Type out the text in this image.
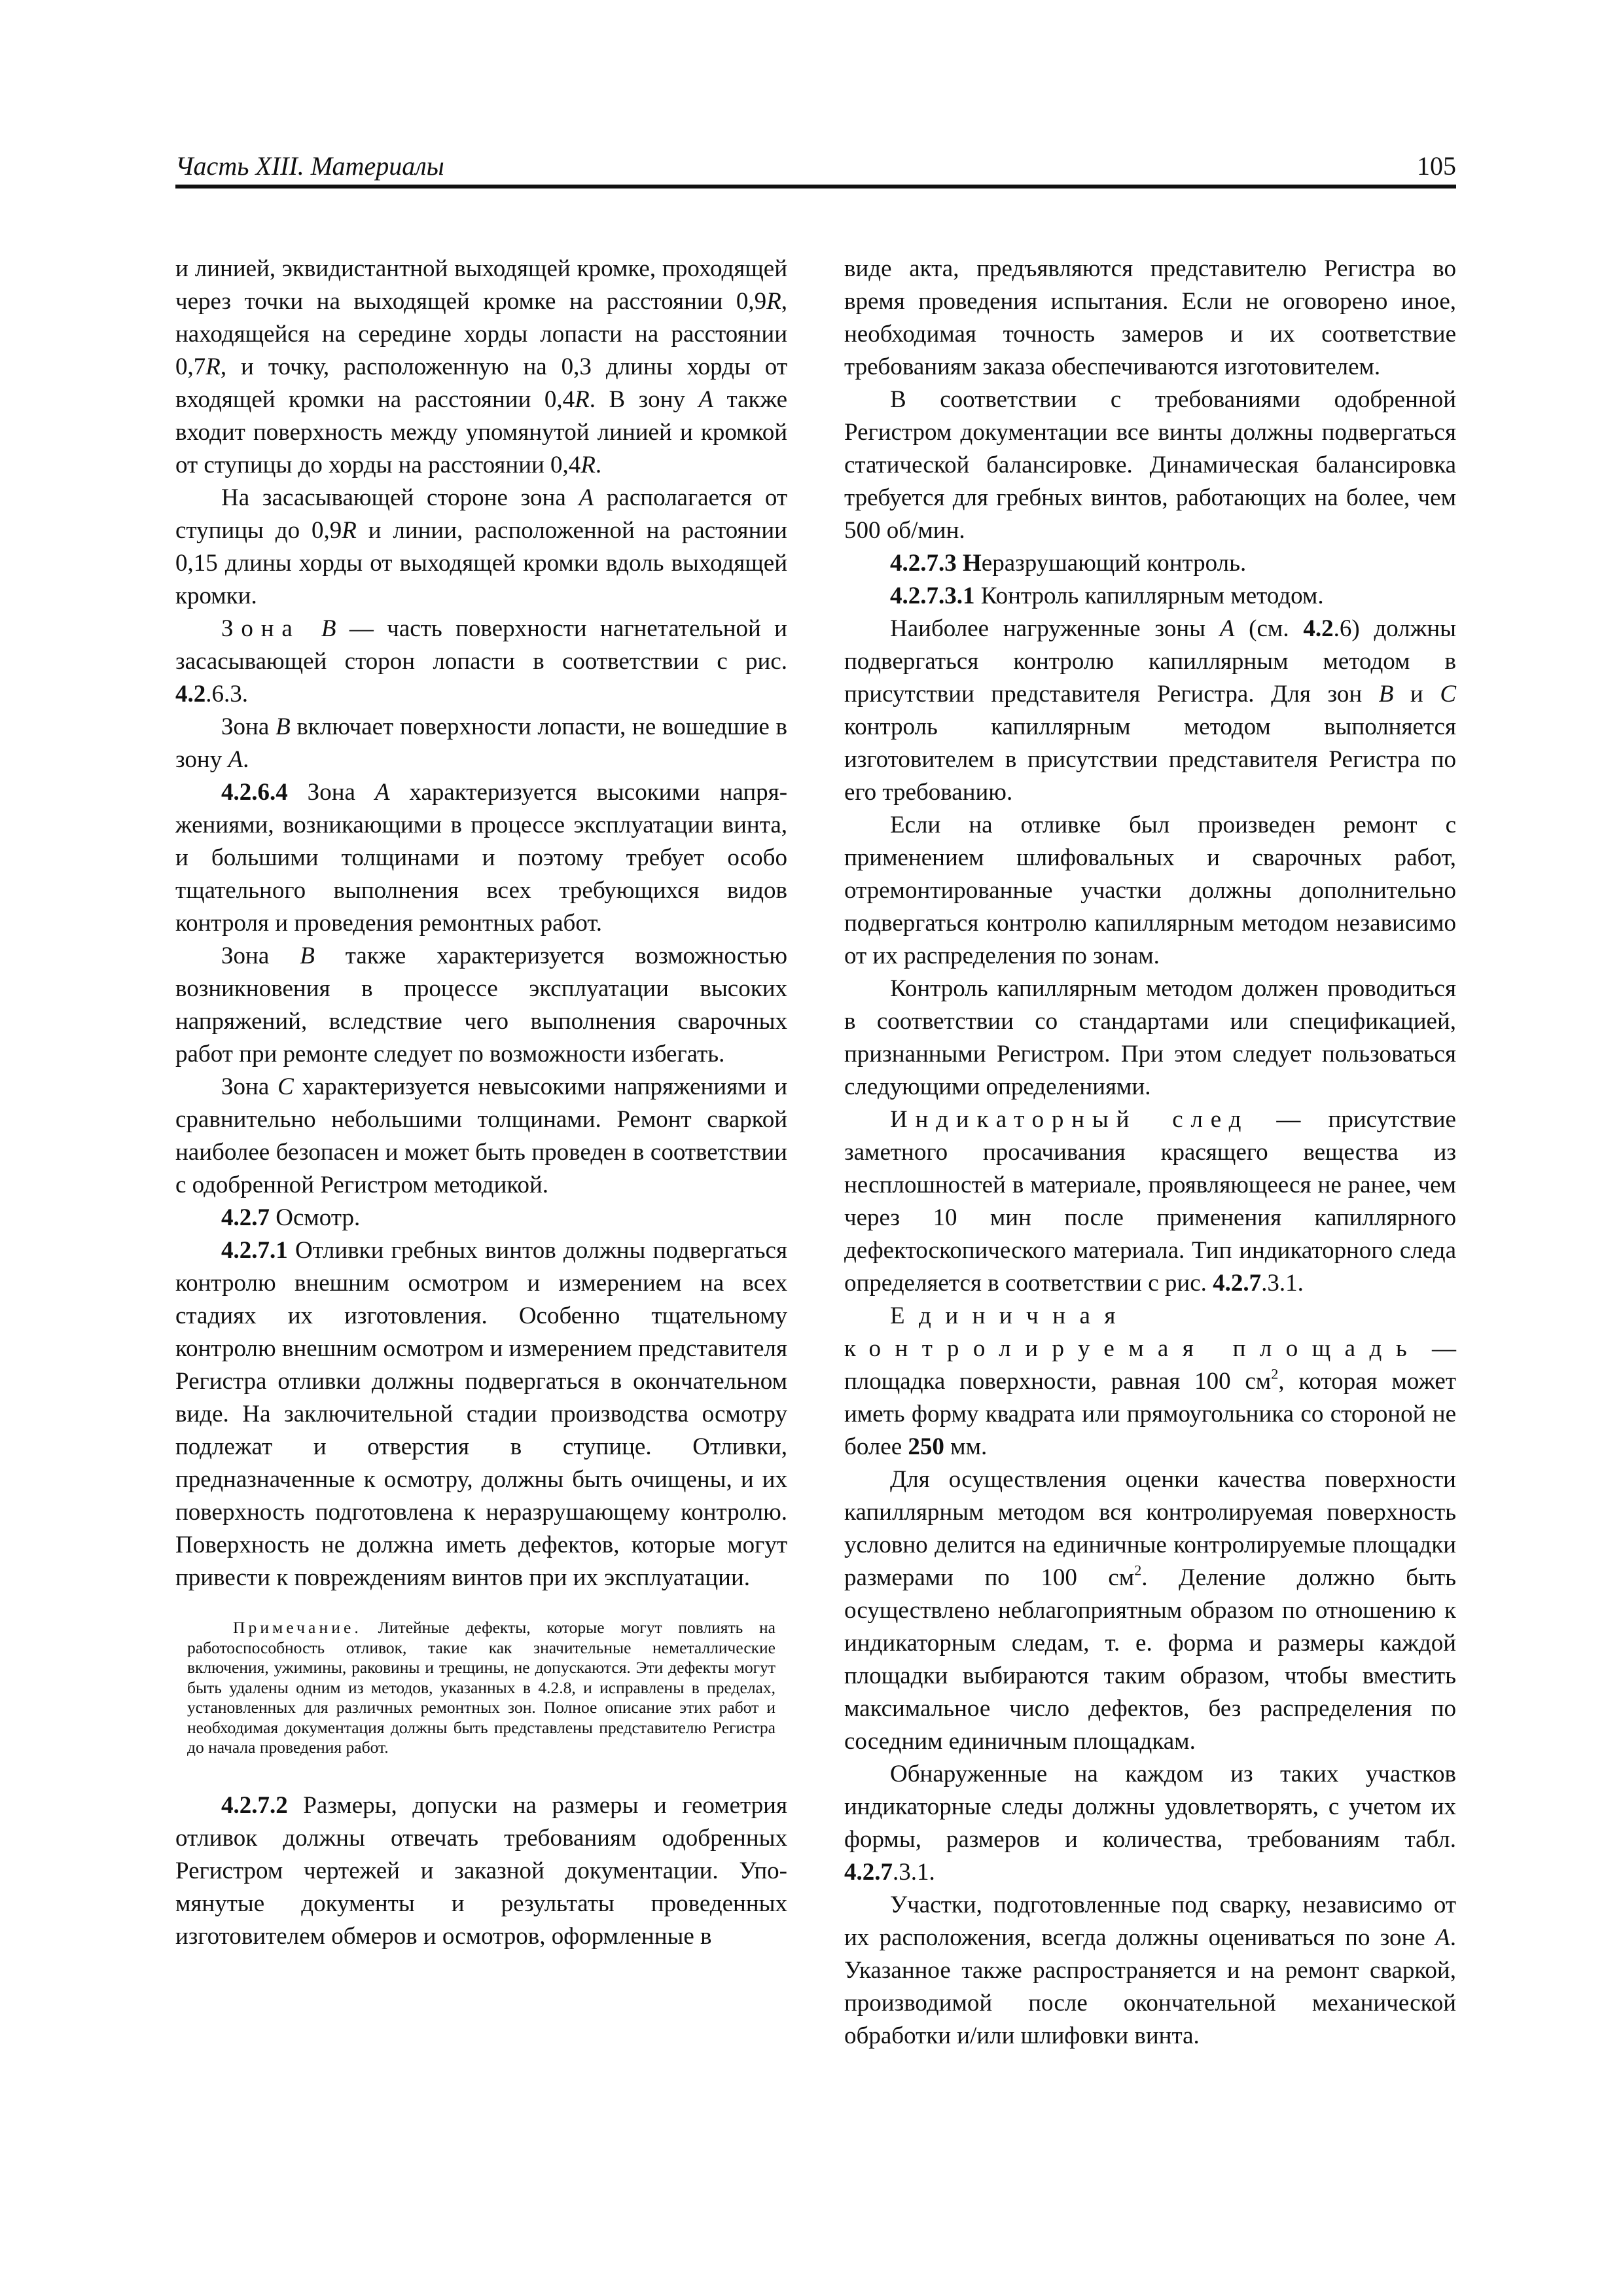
Часть XIII. Материалы	105

и линией, эквидистантной выходящей кромке, проходящей через точки на выходящей кромке на расстоянии 0,9R, находящейся на середине хорды лопасти на расстоянии 0,7R, и точку, расположенную на 0,3 длины хорды от входящей кромки на расстоянии 0,4R. В зону А также входит поверхность между упомянутой линией и кромкой от ступицы до хорды на расстоянии 0,4R.

На засасывающей стороне зона А располагается от ступицы до 0,9R и линии, расположенной на растоянии 0,15 длины хорды от выходящей кромки вдоль выходящей кромки.

Зона В — часть поверхности нагнетательной и засасывающей сторон лопасти в соответствии с рис. 4.2.6.3.

Зона В включает поверхности лопасти, не вошедшие в зону А.

4.2.6.4 Зона А характеризуется высокими напряжениями, возникающими в процессе эксплуатации винта, и большими толщинами и поэтому требует особо тщательного выполнения всех требующихся видов контроля и проведения ремонтных работ.

Зона В также характеризуется возможностью возникновения в процессе эксплуатации высоких напряжений, вследствие чего выполнения сварочных работ при ремонте следует по возможности избегать.

Зона С характеризуется невысокими напряжениями и сравнительно небольшими толщинами. Ремонт сваркой наиболее безопасен и может быть проведен в соответствии с одобренной Регистром методикой.

4.2.7 Осмотр.

4.2.7.1 Отливки гребных винтов должны подвергаться контролю внешним осмотром и измерением на всех стадиях их изготовления. Особенно тщательному контролю внешним осмотром и измерением представителя Регистра отливки должны подвергаться в окончательном виде. На заключительной стадии производства осмотру подлежат и отверстия в ступице. Отливки, предназначенные к осмотру, должны быть очищены, и их поверхность подготовлена к неразрушающему контролю. Поверхность не должна иметь дефектов, которые могут привести к повреждениям винтов при их эксплуатации.

Примечание. Литейные дефекты, которые могут повлиять на работоспособность отливок, такие как значительные неметаллические включения, ужимины, раковины и трещины, не допускаются. Эти дефекты могут быть удалены одним из методов, указанных в 4.2.8, и исправлены в пределах, установленных для различных ремонтных зон. Полное описание этих работ и необходимая документация должны быть представлены представителю Регистра до начала проведения работ.

4.2.7.2 Размеры, допуски на размеры и геометрия отливок должны отвечать требованиям одобренных Регистром чертежей и заказной документации. Упомянутые документы и результаты проведенных изготовителем обмеров и осмотров, оформленные в

виде акта, предъявляются представителю Регистра во время проведения испытания. Если не оговорено иное, необходимая точность замеров и их соответствие требованиям заказа обеспечиваются изготовителем.

В соответствии с требованиями одобренной Регистром документации все винты должны подвергаться статической балансировке. Динамическая балансировка требуется для гребных винтов, работающих на более, чем 500 об/мин.

4.2.7.3 Неразрушающий контроль.

4.2.7.3.1 Контроль капиллярным методом.

Наиболее нагруженные зоны А (см. 4.2.6) должны подвергаться контролю капиллярным методом в присутствии представителя Регистра. Для зон В и С контроль капиллярным методом выполняется изготовителем в присутствии представителя Регистра по его требованию.

Если на отливке был произведен ремонт с применением шлифовальных и сварочных работ, отремонтированные участки должны дополнительно подвергаться контролю капиллярным методом независимо от их распределения по зонам.

Контроль капиллярным методом должен проводиться в соответствии со стандартами или спецификацией, признанными Регистром. При этом следует пользоваться следующими определениями.

Индикаторный след — присутствие заметного просачивания красящего вещества из несплошностей в материале, проявляющееся не ранее, чем через 10 мин после применения капиллярного дефектоскопического материала. Тип индикаторного следа определяется в соответствии с рис. 4.2.7.3.1.

Единичная контролируемая площадь — площадка поверхности, равная 100 $см^2$, которая может иметь форму квадрата или прямоугольника со стороной не более 250 мм.

Для осуществления оценки качества поверхности капиллярным методом вся контролируемая поверхность условно делится на единичные контролируемые площадки размерами по 100 $см^2$. Деление должно быть осуществлено неблагоприятным образом по отношению к индикаторным следам, т. е. форма и размеры каждой площадки выбираются таким образом, чтобы вместить максимальное число дефектов, без распределения по соседним единичным площадкам.

Обнаруженные на каждом из таких участков индикаторные следы должны удовлетворять, с учетом их формы, размеров и количества, требованиям табл. 4.2.7.3.1.

Участки, подготовленные под сварку, независимо от их расположения, всегда должны оцениваться по зоне А. Указанное также распространяется и на ремонт сваркой, производимой после окончательной механической обработки и/или шлифовки винта.
